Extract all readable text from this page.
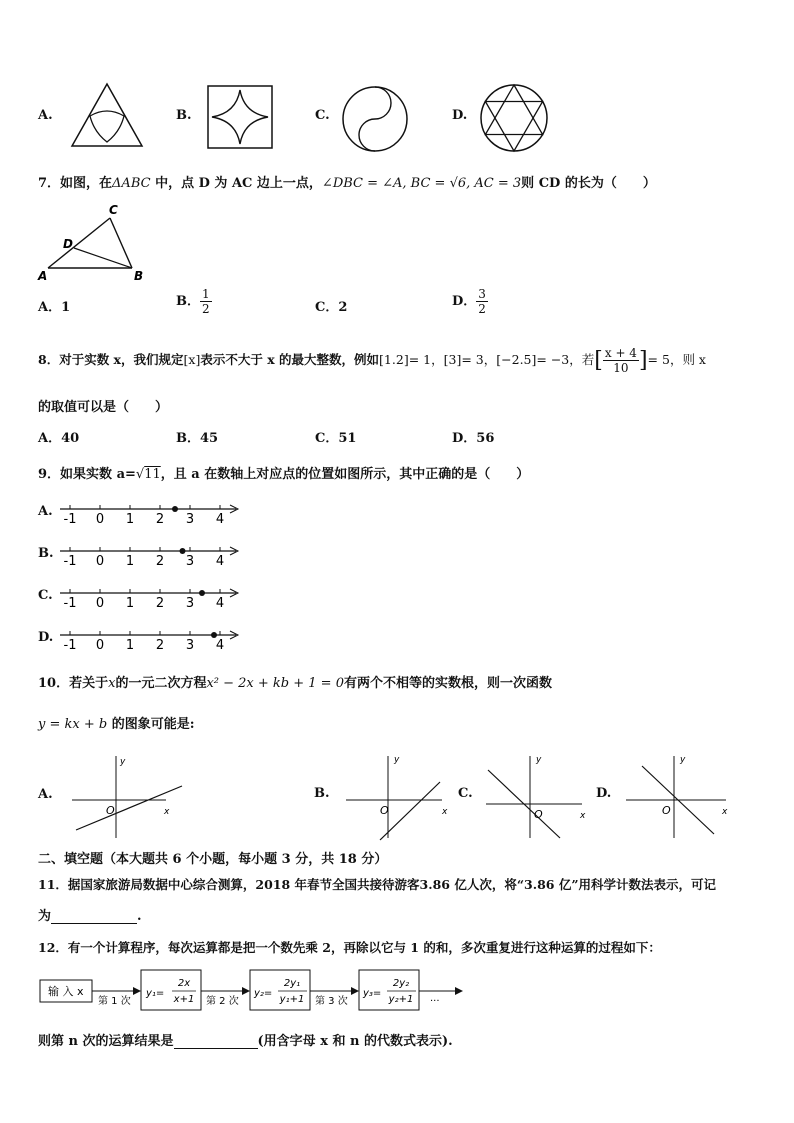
A.	B.	C.	D.
7．如图，在ΔABC 中，点 D 为 AC 边上一点，∠DBC = ∠A, BC = √6, AC = 3则 CD 的长为（　　）
A	B
C
D
A．1	B． $\frac{1}{2}$	C．2	D． $\frac{3}{2}$
8．对于实数 x，我们规定[x]表示不大于 x 的最大整数，例如[1.2]= 1，[3]= 3，[−2.5]= −3，若[ $\frac{x + 4}{10}$ ]= 5，则 x
的取值可以是（　　）
A．40	B．45	C．51	D．56
9．如果实数 a=√11，且 a 在数轴上对应点的位置如图所示，其中正确的是（　　）
A.
-1 0 1 2 3 4
B.
-1 0 1 2 3 4
C.
-1 0 1 2 3 4
D.
-1 0 1 2 3 4
10．若关于x的一元二次方程x² − 2x + kb + 1 = 0有两个不相等的实数根，则一次函数
y = kx + b 的图象可能是:
A.
O	x
y
B.
O	x
y
C.
O	x
y
D.
O	x
y
二、填空题（本大题共 6 个小题，每小题 3 分，共 18 分）
11．据国家旅游局数据中心综合测算，2018 年春节全国共接待游客3.86 亿人次，将“3.86 亿”用科学计数法表示，可记
为	.
12．有一个计算程序，每次运算都是把一个数先乘 2，再除以它与 1 的和，多次重复进行这种运算的过程如下：
输 入 x
第 1 次
y₁=
2x
x+1 第 2 次
y₂=
2y₁
y₁+1 第 3 次
y₃=
2y₂
y₂+1 ···
则第 n 次的运算结果是	(用含字母 x 和 n 的代数式表示).
